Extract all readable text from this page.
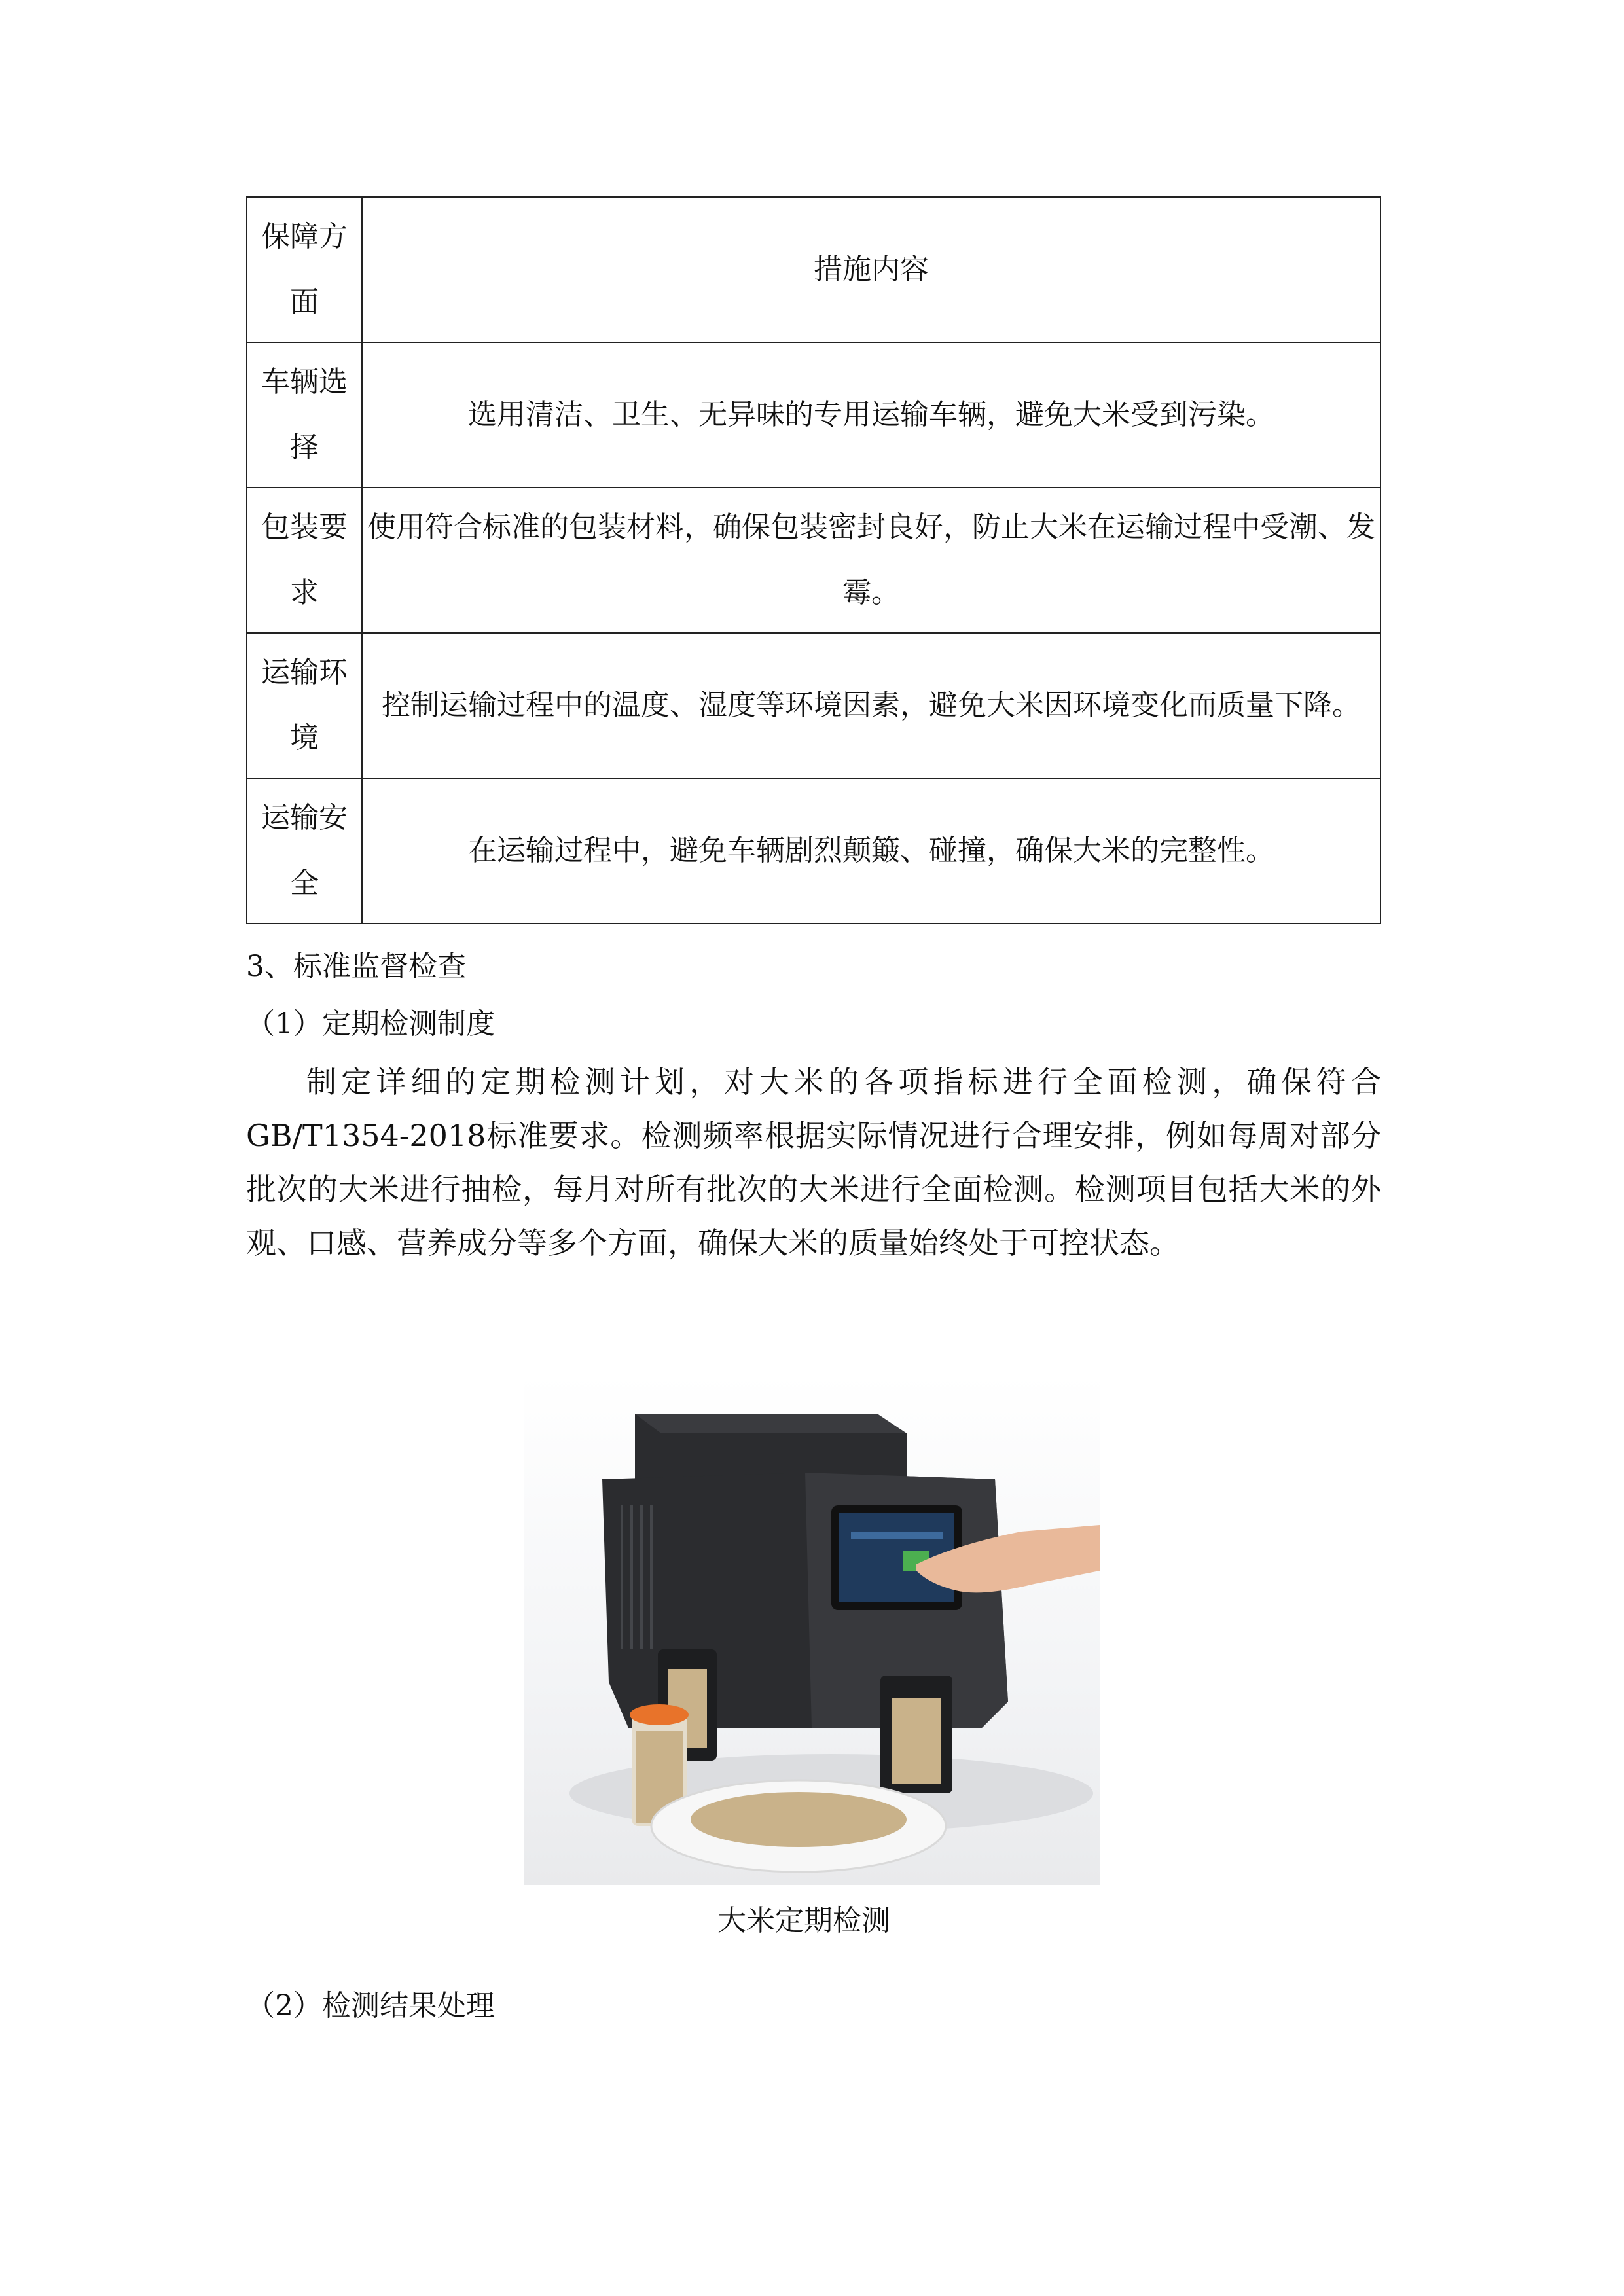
保障方面	措施内容
车辆选择	选用清洁、卫生、无异味的专用运输车辆，避免大米受到污染。
包装要求	使用符合标准的包装材料，确保包装密封良好，防止大米在运输过程中受潮、发霉。
运输环境	控制运输过程中的温度、湿度等环境因素，避免大米因环境变化而质量下降。
运输安全	在运输过程中，避免车辆剧烈颠簸、碰撞，确保大米的完整性。
3、标准监督检查
（1）定期检测制度
制定详细的定期检测计划，对大米的各项指标进行全面检测，确保符合GB/T1354-2018标准要求。检测频率根据实际情况进行合理安排，例如每周对部分批次的大米进行抽检，每月对所有批次的大米进行全面检测。检测项目包括大米的外观、口感、营养成分等多个方面，确保大米的质量始终处于可控状态。
大米定期检测
（2）检测结果处理
